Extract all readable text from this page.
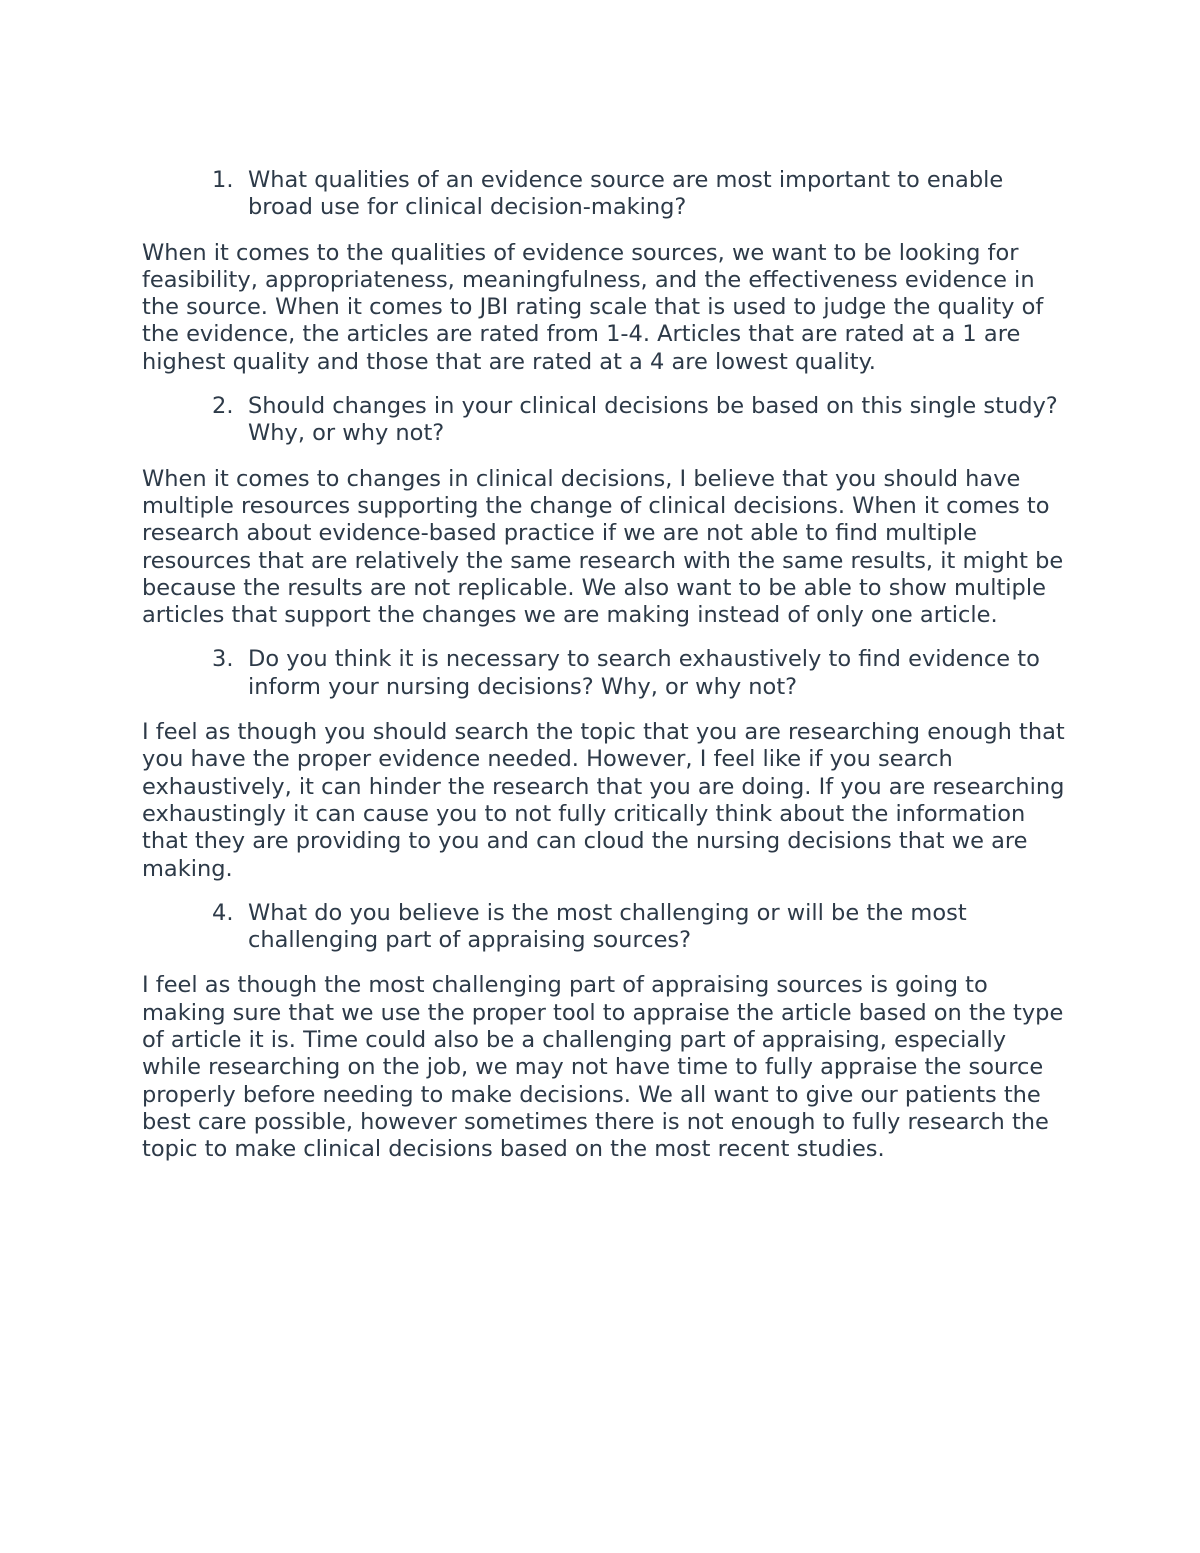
1. What qualities of an evidence source are most important to enable broad use for clinical decision-making?

When it comes to the qualities of evidence sources, we want to be looking for feasibility, appropriateness, meaningfulness, and the effectiveness evidence in the source. When it comes to JBI rating scale that is used to judge the quality of the evidence, the articles are rated from 1-4. Articles that are rated at a 1 are highest quality and those that are rated at a 4 are lowest quality.

2. Should changes in your clinical decisions be based on this single study? Why, or why not?

When it comes to changes in clinical decisions, I believe that you should have multiple resources supporting the change of clinical decisions. When it comes to research about evidence-based practice if we are not able to find multiple resources that are relatively the same research with the same results, it might be because the results are not replicable. We also want to be able to show multiple articles that support the changes we are making instead of only one article.

3. Do you think it is necessary to search exhaustively to find evidence to inform your nursing decisions? Why, or why not?

I feel as though you should search the topic that you are researching enough that you have the proper evidence needed. However, I feel like if you search exhaustively, it can hinder the research that you are doing. If you are researching exhaustingly it can cause you to not fully critically think about the information that they are providing to you and can cloud the nursing decisions that we are making.

4. What do you believe is the most challenging or will be the most challenging part of appraising sources?

I feel as though the most challenging part of appraising sources is going to making sure that we use the proper tool to appraise the article based on the type of article it is. Time could also be a challenging part of appraising, especially while researching on the job, we may not have time to fully appraise the source properly before needing to make decisions. We all want to give our patients the best care possible, however sometimes there is not enough to fully research the topic to make clinical decisions based on the most recent studies.
